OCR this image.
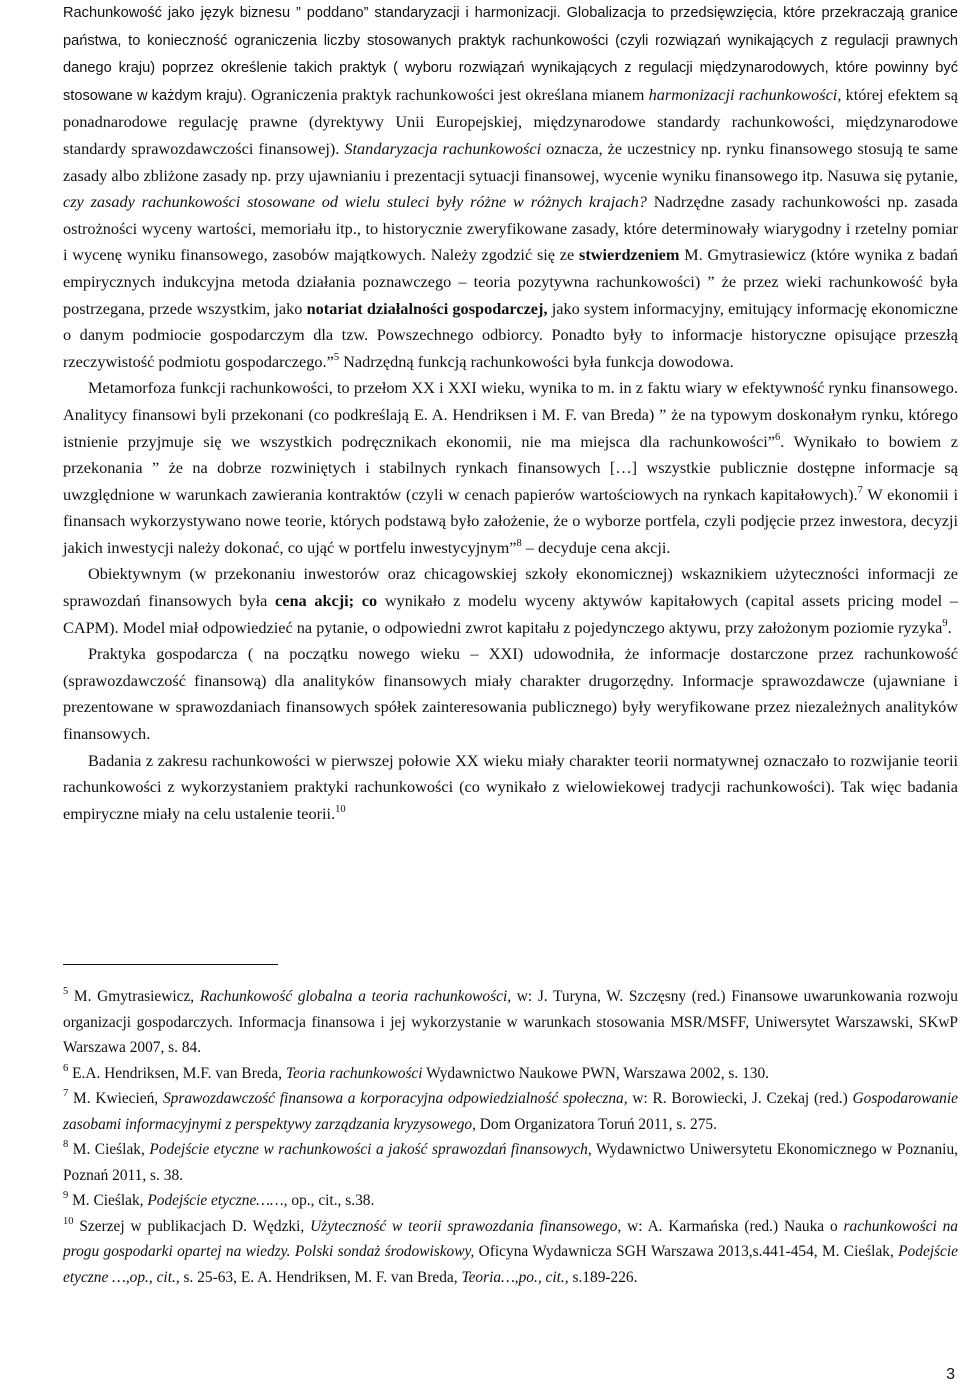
Rachunkowość jako język biznesu ” poddano” standaryzacji i harmonizacji. Globalizacja to przedsięwzięcia, które przekraczają granice państwa, to konieczność ograniczenia liczby stosowanych praktyk rachunkowości (czyli rozwiązań wynikających z regulacji prawnych danego kraju) poprzez określenie takich praktyk ( wyboru rozwiązań wynikających z regulacji międzynarodowych, które powinny być stosowane w każdym kraju). Ograniczenia praktyk rachunkowości jest określana mianem harmonizacji rachunkowości, której efektem są ponadnarodowe regulację prawne (dyrektywy Unii Europejskiej, międzynarodowe standardy rachunkowości, międzynarodowe standardy sprawozdawczości finansowej). Standaryzacja rachunkowości oznacza, że uczestnicy np. rynku finansowego stosują te same zasady albo zbliżone zasady np. przy ujawnianiu i prezentacji sytuacji finansowej, wycenie wyniku finansowego itp. Nasuwa się pytanie, czy zasady rachunkowości stosowane od wielu stuleci były różne w różnych krajach? Nadrzędne zasady rachunkowości np. zasada ostrożności wyceny wartości, memoriału itp., to historycznie zweryfikowane zasady, które determinowały wiarygodny i rzetelny pomiar i wycenę wyniku finansowego, zasobów majątkowych. Należy zgodzić się ze stwierdzeniem M. Gmytrasiewicz (które wynika z badań empirycznych indukcyjna metoda działania poznawczego – teoria pozytywna rachunkowości) ” że przez wieki rachunkowość była postrzegana, przede wszystkim, jako notariat działalności gospodarczej, jako system informacyjny, emitujący informację ekonomiczne o danym podmiocie gospodarczym dla tzw. Powszechnego odbiorcy. Ponadto były to informacje historyczne opisujące przeszłą rzeczywistość podmiotu gospodarczego.”$^5$ Nadrzędną funkcją rachunkowości była funkcja dowodowa.

Metamorfoza funkcji rachunkowości, to przełom XX i XXI wieku, wynika to m. in z faktu wiary w efektywność rynku finansowego. Analitycy finansowi byli przekonani (co podkreślają E. A. Hendriksen i M. F. van Breda) ” że na typowym doskonałym rynku, którego istnienie przyjmuje się we wszystkich podręcznikach ekonomii, nie ma miejsca dla rachunkowości”$^6$. Wynikało to bowiem z przekonania ” że na dobrze rozwiniętych i stabilnych rynkach finansowych […] wszystkie publicznie dostępne informacje są uwzględnione w warunkach zawierania kontraktów (czyli w cenach papierów wartościowych na rynkach kapitałowych).$^7$ W ekonomii i finansach wykorzystywano nowe teorie, których podstawą było założenie, że o wyborze portfela, czyli podjęcie przez inwestora, decyzji jakich inwestycji należy dokonać, co ująć w portfelu inwestycyjnym”$^8$ – decyduje cena akcji.

Obiektywnym (w przekonaniu inwestorów oraz chicagowskiej szkoły ekonomicznej) wskaznikiem użyteczności informacji ze sprawozdań finansowych była cena akcji; co wynikało z modelu wyceny aktywów kapitałowych (capital assets pricing model – CAPM). Model miał odpowiedzieć na pytanie, o odpowiedni zwrot kapitału z pojedynczego aktywu, przy założonym poziomie ryzyka$^9$.

Praktyka gospodarcza ( na początku nowego wieku – XXI) udowodniła, że informacje dostarczone przez rachunkowość (sprawozdawczość finansową) dla analityków finansowych miały charakter drugorzędny. Informacje sprawozdawcze (ujawniane i prezentowane w sprawozdaniach finansowych spółek zainteresowania publicznego) były weryfikowane przez niezależnych analityków finansowych.

Badania z zakresu rachunkowości w pierwszej połowie XX wieku miały charakter teorii normatywnej oznaczało to rozwijanie teorii rachunkowości z wykorzystaniem praktyki rachunkowości (co wynikało z wielowiekowej tradycji rachunkowości). Tak więc badania empiryczne miały na celu ustalenie teorii.$^{10}$

$^5$ M. Gmytrasiewicz, Rachunkowość globalna a teoria rachunkowości, w: J. Turyna, W. Szczęsny (red.) Finansowe uwarunkowania rozwoju organizacji gospodarczych. Informacja finansowa i jej wykorzystanie w warunkach stosowania MSR/MSFF, Uniwersytet Warszawski, SKwP Warszawa 2007, s. 84.

$^6$ E.A. Hendriksen, M.F. van Breda, Teoria rachunkowości Wydawnictwo Naukowe PWN, Warszawa 2002, s. 130.

$^7$ M. Kwiecień, Sprawozdawczość finansowa a korporacyjna odpowiedzialność społeczna, w: R. Borowiecki, J. Czekaj (red.) Gospodarowanie zasobami informacyjnymi z perspektywy zarządzania kryzysowego, Dom Organizatora Toruń 2011, s. 275.

$^8$ M. Cieślak, Podejście etyczne w rachunkowości a jakość sprawozdań finansowych, Wydawnictwo Uniwersytetu Ekonomicznego w Poznaniu, Poznań 2011, s. 38.

$^9$ M. Cieślak, Podejście etyczne……, op., cit., s.38.

$^{10}$ Szerzej w publikacjach D. Wędzki, Użyteczność w teorii sprawozdania finansowego, w: A. Karmańska (red.) Nauka o rachunkowości na progu gospodarki opartej na wiedzy. Polski sondaż środowiskowy, Oficyna Wydawnicza SGH Warszawa 2013,s.441-454, M. Cieślak, Podejście etyczne …,op., cit., s. 25-63, E. A. Hendriksen, M. F. van Breda, Teoria…,po., cit., s.189-226.

3
